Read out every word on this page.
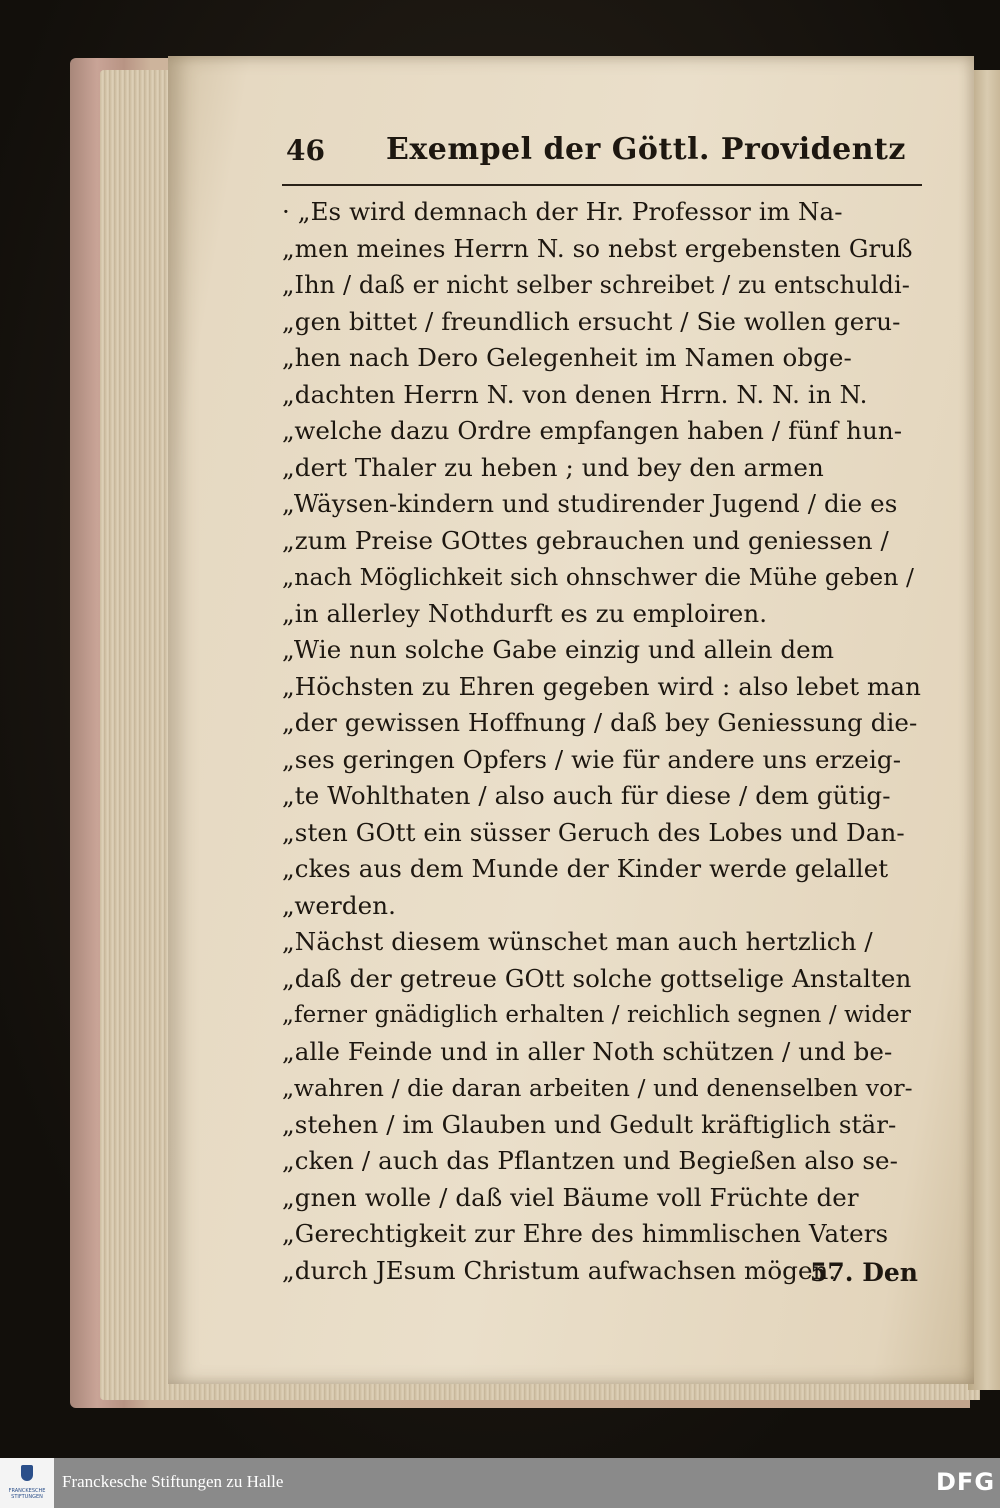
46 Exempel der Göttl. Providentz
· „Es wird demnach der Hr. Professor im Na-
„men meines Herrn N. so nebst ergebensten Gruß
„Ihn / daß er nicht selber schreibet / zu entschuldi-
„gen bittet / freundlich ersucht / Sie wollen geru-
„hen nach Dero Gelegenheit im Namen obge-
„dachten Herrn N. von denen Hrrn. N. N. in N.
„welche dazu Ordre empfangen haben / fünf hun-
„dert Thaler zu heben ; und bey den armen
„Wäysen-kindern und studirender Jugend / die es
„zum Preise GOttes gebrauchen und geniessen /
„nach Möglichkeit sich ohnschwer die Mühe geben /
„in allerley Nothdurft es zu emploiren.
„Wie nun solche Gabe einzig und allein dem
„Höchsten zu Ehren gegeben wird : also lebet man
„der gewissen Hoffnung / daß bey Geniessung die-
„ses geringen Opfers / wie für andere uns erzeig-
„te Wohlthaten / also auch für diese / dem gütig-
„sten GOtt ein süsser Geruch des Lobes und Dan-
„ckes aus dem Munde der Kinder werde gelallet
„werden.
„Nächst diesem wünschet man auch hertzlich /
„daß der getreue GOtt solche gottselige Anstalten
„ferner gnädiglich erhalten / reichlich segnen / wider
„alle Feinde und in aller Noth schützen / und be-
„wahren / die daran arbeiten / und denenselben vor-
„stehen / im Glauben und Gedult kräftiglich stär-
„cken / auch das Pflantzen und Begießen also se-
„gnen wolle / daß viel Bäume voll Früchte der
„Gerechtigkeit zur Ehre des himmlischen Vaters
„durch JEsum Christum aufwachsen mögen.
57. Den
FRANCKESCHE STIFTUNGEN
Franckesche Stiftungen zu Halle	DFG
